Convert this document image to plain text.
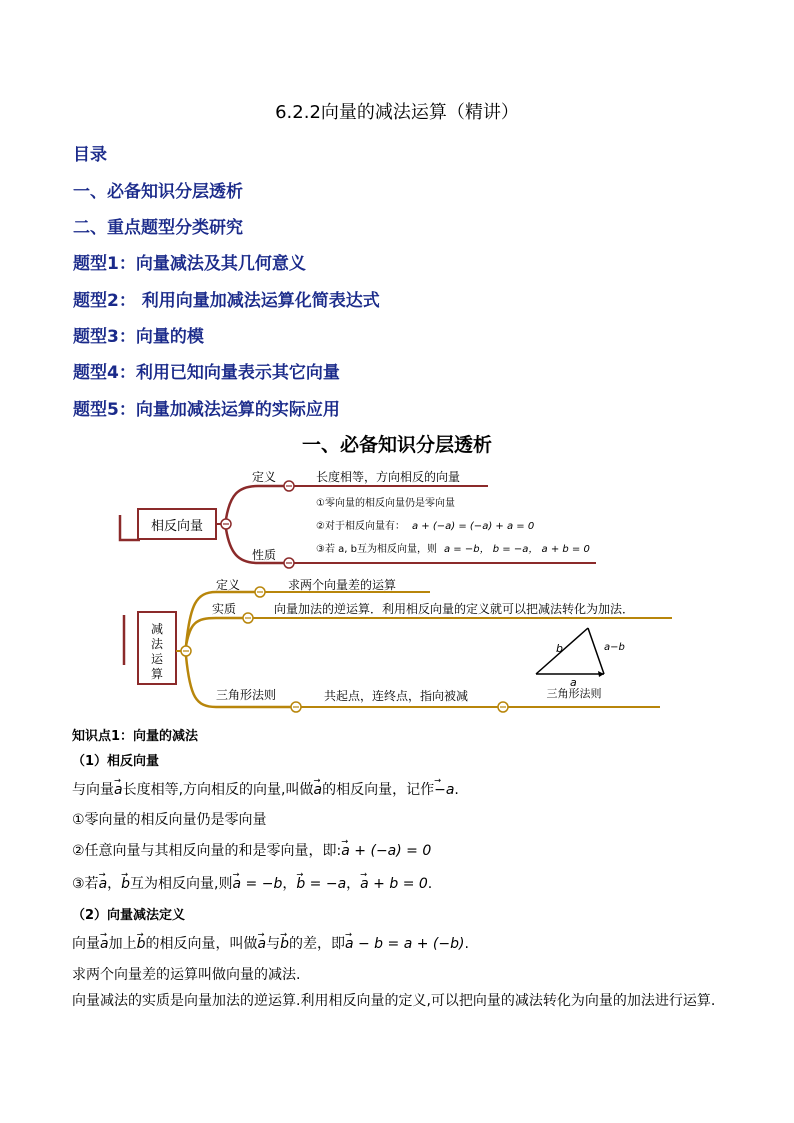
6.2.2向量的减法运算（精讲）
目录
一、必备知识分层透析
二、重点题型分类研究
题型1：向量减法及其几何意义
题型2： 利用向量加减法运算化简表达式
题型3：向量的模
题型4：利用已知向量表示其它向量
题型5：向量加减法运算的实际应用
一、必备知识分层透析
相反向量
定义
性质
长度相等，方向相反的向量
①零向量的相反向量仍是零向量
②对于相反向量有： a + (−a) = (−a) + a = 0
③若 a, b互为相反向量，则 a = −b， b = −a， a + b = 0
减
法
运
算
定义
实质
三角形法则
求两个向量差的运算
向量加法的逆运算．利用相反向量的定义就可以把减法转化为加法．
共起点，连终点，指向被减
b	a−b
a
三角形法则
知识点1：向量的减法
（1）相反向量
与向量→ a长度相等,方向相反的向量,叫做→ a的相反向量，记作→ −a.
①零向量的相反向量仍是零向量
②任意向量与其相反向量的和是零向量，即:→ a + (−a) = 0
③若→ a，→ b互为相反向量,则→ a = −b，→ b = −a，→ a + b = 0.
（2）向量减法定义
向量→ a加上→ b的相反向量，叫做→ a与→ b的差，即→ a − b = a + (−b).
求两个向量差的运算叫做向量的减法.
向量减法的实质是向量加法的逆运算.利用相反向量的定义,可以把向量的减法转化为向量的加法进行运算.
